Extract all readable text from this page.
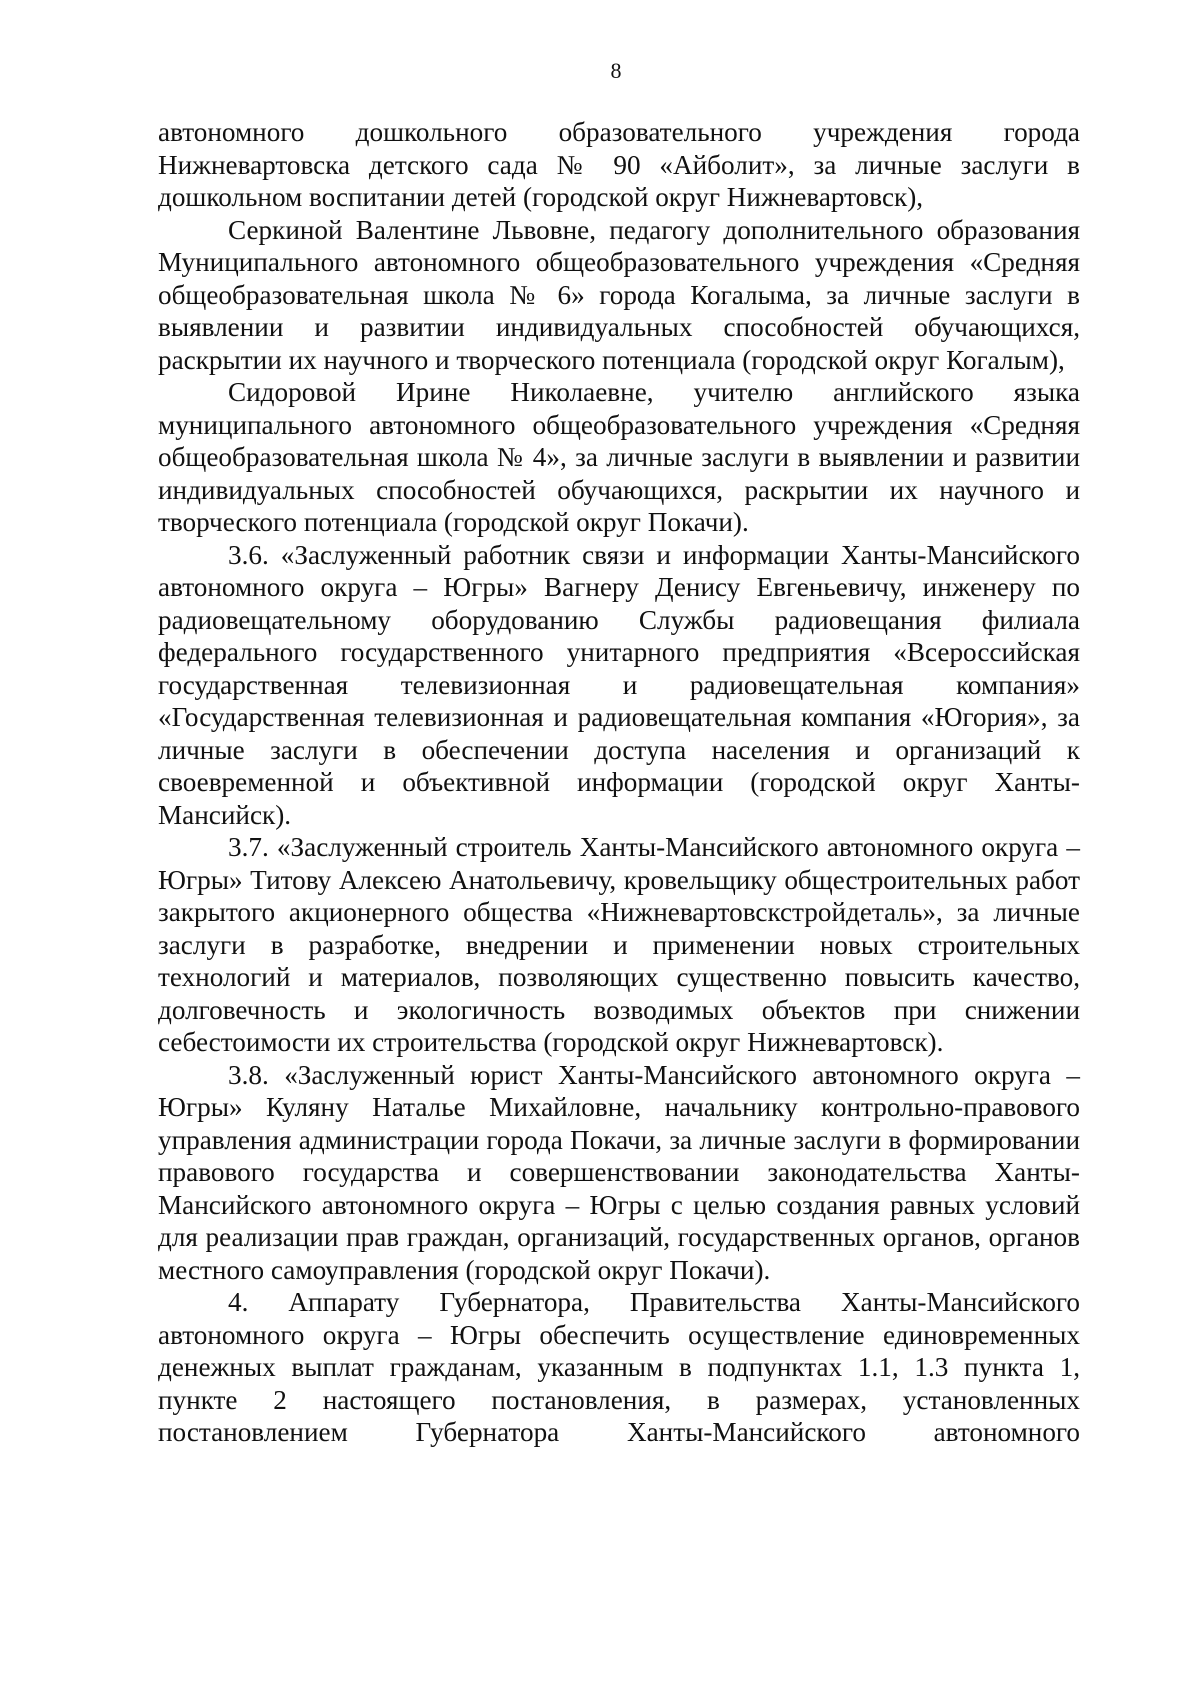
8

автономного дошкольного образовательного учреждения города Нижневартовска детского сада № 90 «Айболит», за личные заслуги в дошкольном воспитании детей (городской округ Нижневартовск),

Серкиной Валентине Львовне, педагогу дополнительного образования Муниципального автономного общеобразовательного учреждения «Средняя общеобразовательная школа № 6» города Когалыма, за личные заслуги в выявлении и развитии индивидуальных способностей обучающихся, раскрытии их научного и творческого потенциала (городской округ Когалым),

Сидоровой Ирине Николаевне, учителю английского языка муниципального автономного общеобразовательного учреждения «Средняя общеобразовательная школа № 4», за личные заслуги в выявлении и развитии индивидуальных способностей обучающихся, раскрытии их научного и творческого потенциала (городской округ Покачи).

3.6. «Заслуженный работник связи и информации Ханты-Мансийского автономного округа – Югры» Вагнеру Денису Евгеньевичу, инженеру по радиовещательному оборудованию Службы радиовещания филиала федерального государственного унитарного предприятия «Всероссийская государственная телевизионная и радиовещательная компания» «Государственная телевизионная и радиовещательная компания «Югория», за личные заслуги в обеспечении доступа населения и организаций к своевременной и объективной информации (городской округ Ханты-Мансийск).

3.7. «Заслуженный строитель Ханты-Мансийского автономного округа – Югры» Титову Алексею Анатольевичу, кровельщику общестроительных работ закрытого акционерного общества «Нижневартовскстройдеталь», за личные заслуги в разработке, внедрении и применении новых строительных технологий и материалов, позволяющих существенно повысить качество, долговечность и экологичность возводимых объектов при снижении себестоимости их строительства (городской округ Нижневартовск).

3.8. «Заслуженный юрист Ханты-Мансийского автономного округа – Югры» Куляну Наталье Михайловне, начальнику контрольно-правового управления администрации города Покачи, за личные заслуги в формировании правового государства и совершенствовании законодательства Ханты-Мансийского автономного округа – Югры с целью создания равных условий для реализации прав граждан, организаций, государственных органов, органов местного самоуправления (городской округ Покачи).

4. Аппарату Губернатора, Правительства Ханты-Мансийского автономного округа – Югры обеспечить осуществление единовременных денежных выплат гражданам, указанным в подпунктах 1.1, 1.3 пункта 1, пункте 2 настоящего постановления, в размерах, установленных постановлением Губернатора Ханты-Мансийского автономного
